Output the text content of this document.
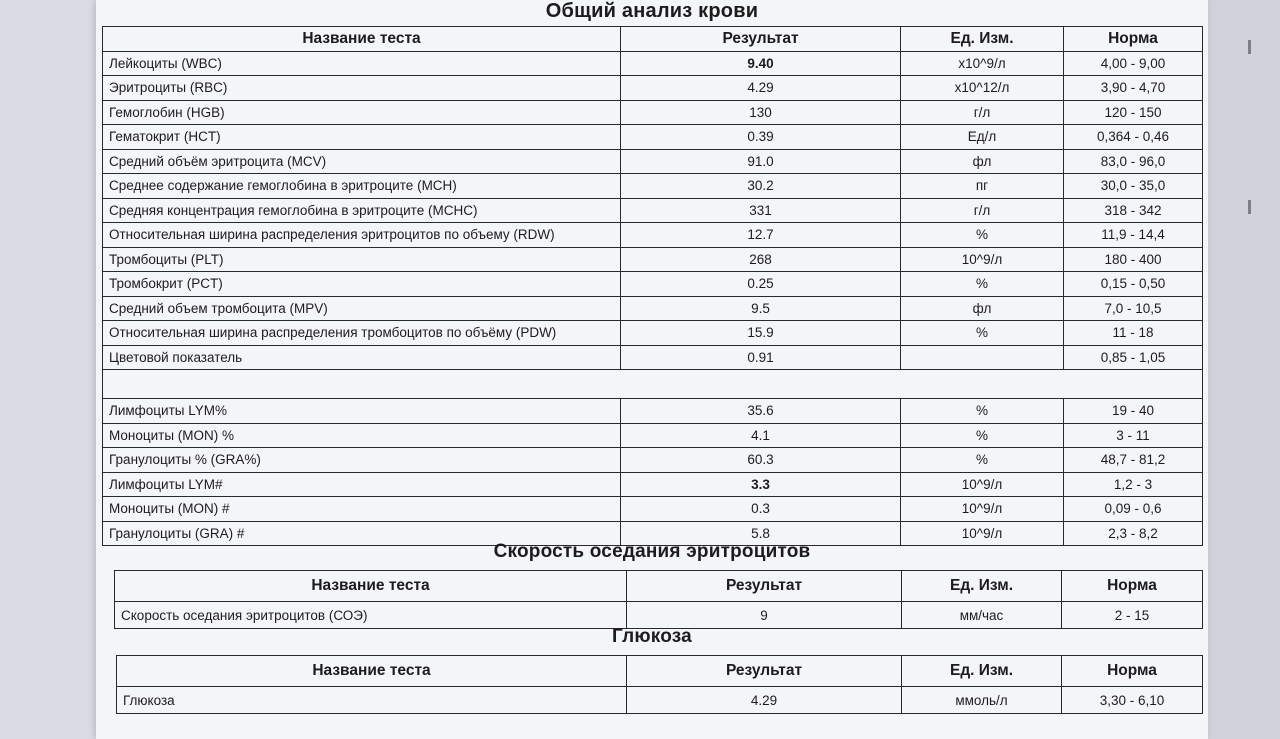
Общий анализ крови
Название теста	Результат	Ед. Изм.	Норма
Лейкоциты (WBC)	9.40	x10^9/л	4,00 - 9,00
Эритроциты (RBC)	4.29	x10^12/л	3,90 - 4,70
Гемоглобин (HGB)	130	г/л	120 - 150
Гематокрит (HCT)	0.39	Ед/л	0,364 - 0,46
Средний объём эритроцита (MCV)	91.0	фл	83,0 - 96,0
Среднее содержание гемоглобина в эритроците (MCH)	30.2	пг	30,0 - 35,0
Средняя концентрация гемоглобина в эритроците (MCHC)	331	г/л	318 - 342
Относительная ширина распределения эритроцитов по объему (RDW)	12.7	%	11,9 - 14,4
Тромбоциты (PLT)	268	10^9/л	180 - 400
Тромбокрит (PCT)	0.25	%	0,15 - 0,50
Средний объем тромбоцита (MPV)	9.5	фл	7,0 - 10,5
Относительная ширина распределения тромбоцитов по объёму (PDW)	15.9	%	11 - 18
Цветовой показатель	0.91		0,85 - 1,05

Лимфоциты LYM%	35.6	%	19 - 40
Моноциты (MON) %	4.1	%	3 - 11
Гранулоциты % (GRA%)	60.3	%	48,7 - 81,2
Лимфоциты LYM#	3.3	10^9/л	1,2 - 3
Моноциты (MON) #	0.3	10^9/л	0,09 - 0,6
Гранулоциты (GRA) #	5.8	10^9/л	2,3 - 8,2
Скорость оседания эритроцитов
Название теста	Результат	Ед. Изм.	Норма
Скорость оседания эритроцитов (СОЭ)	9	мм/час	2 - 15
Глюкоза
Название теста	Результат	Ед. Изм.	Норма
Глюкоза	4.29	ммоль/л	3,30 - 6,10
